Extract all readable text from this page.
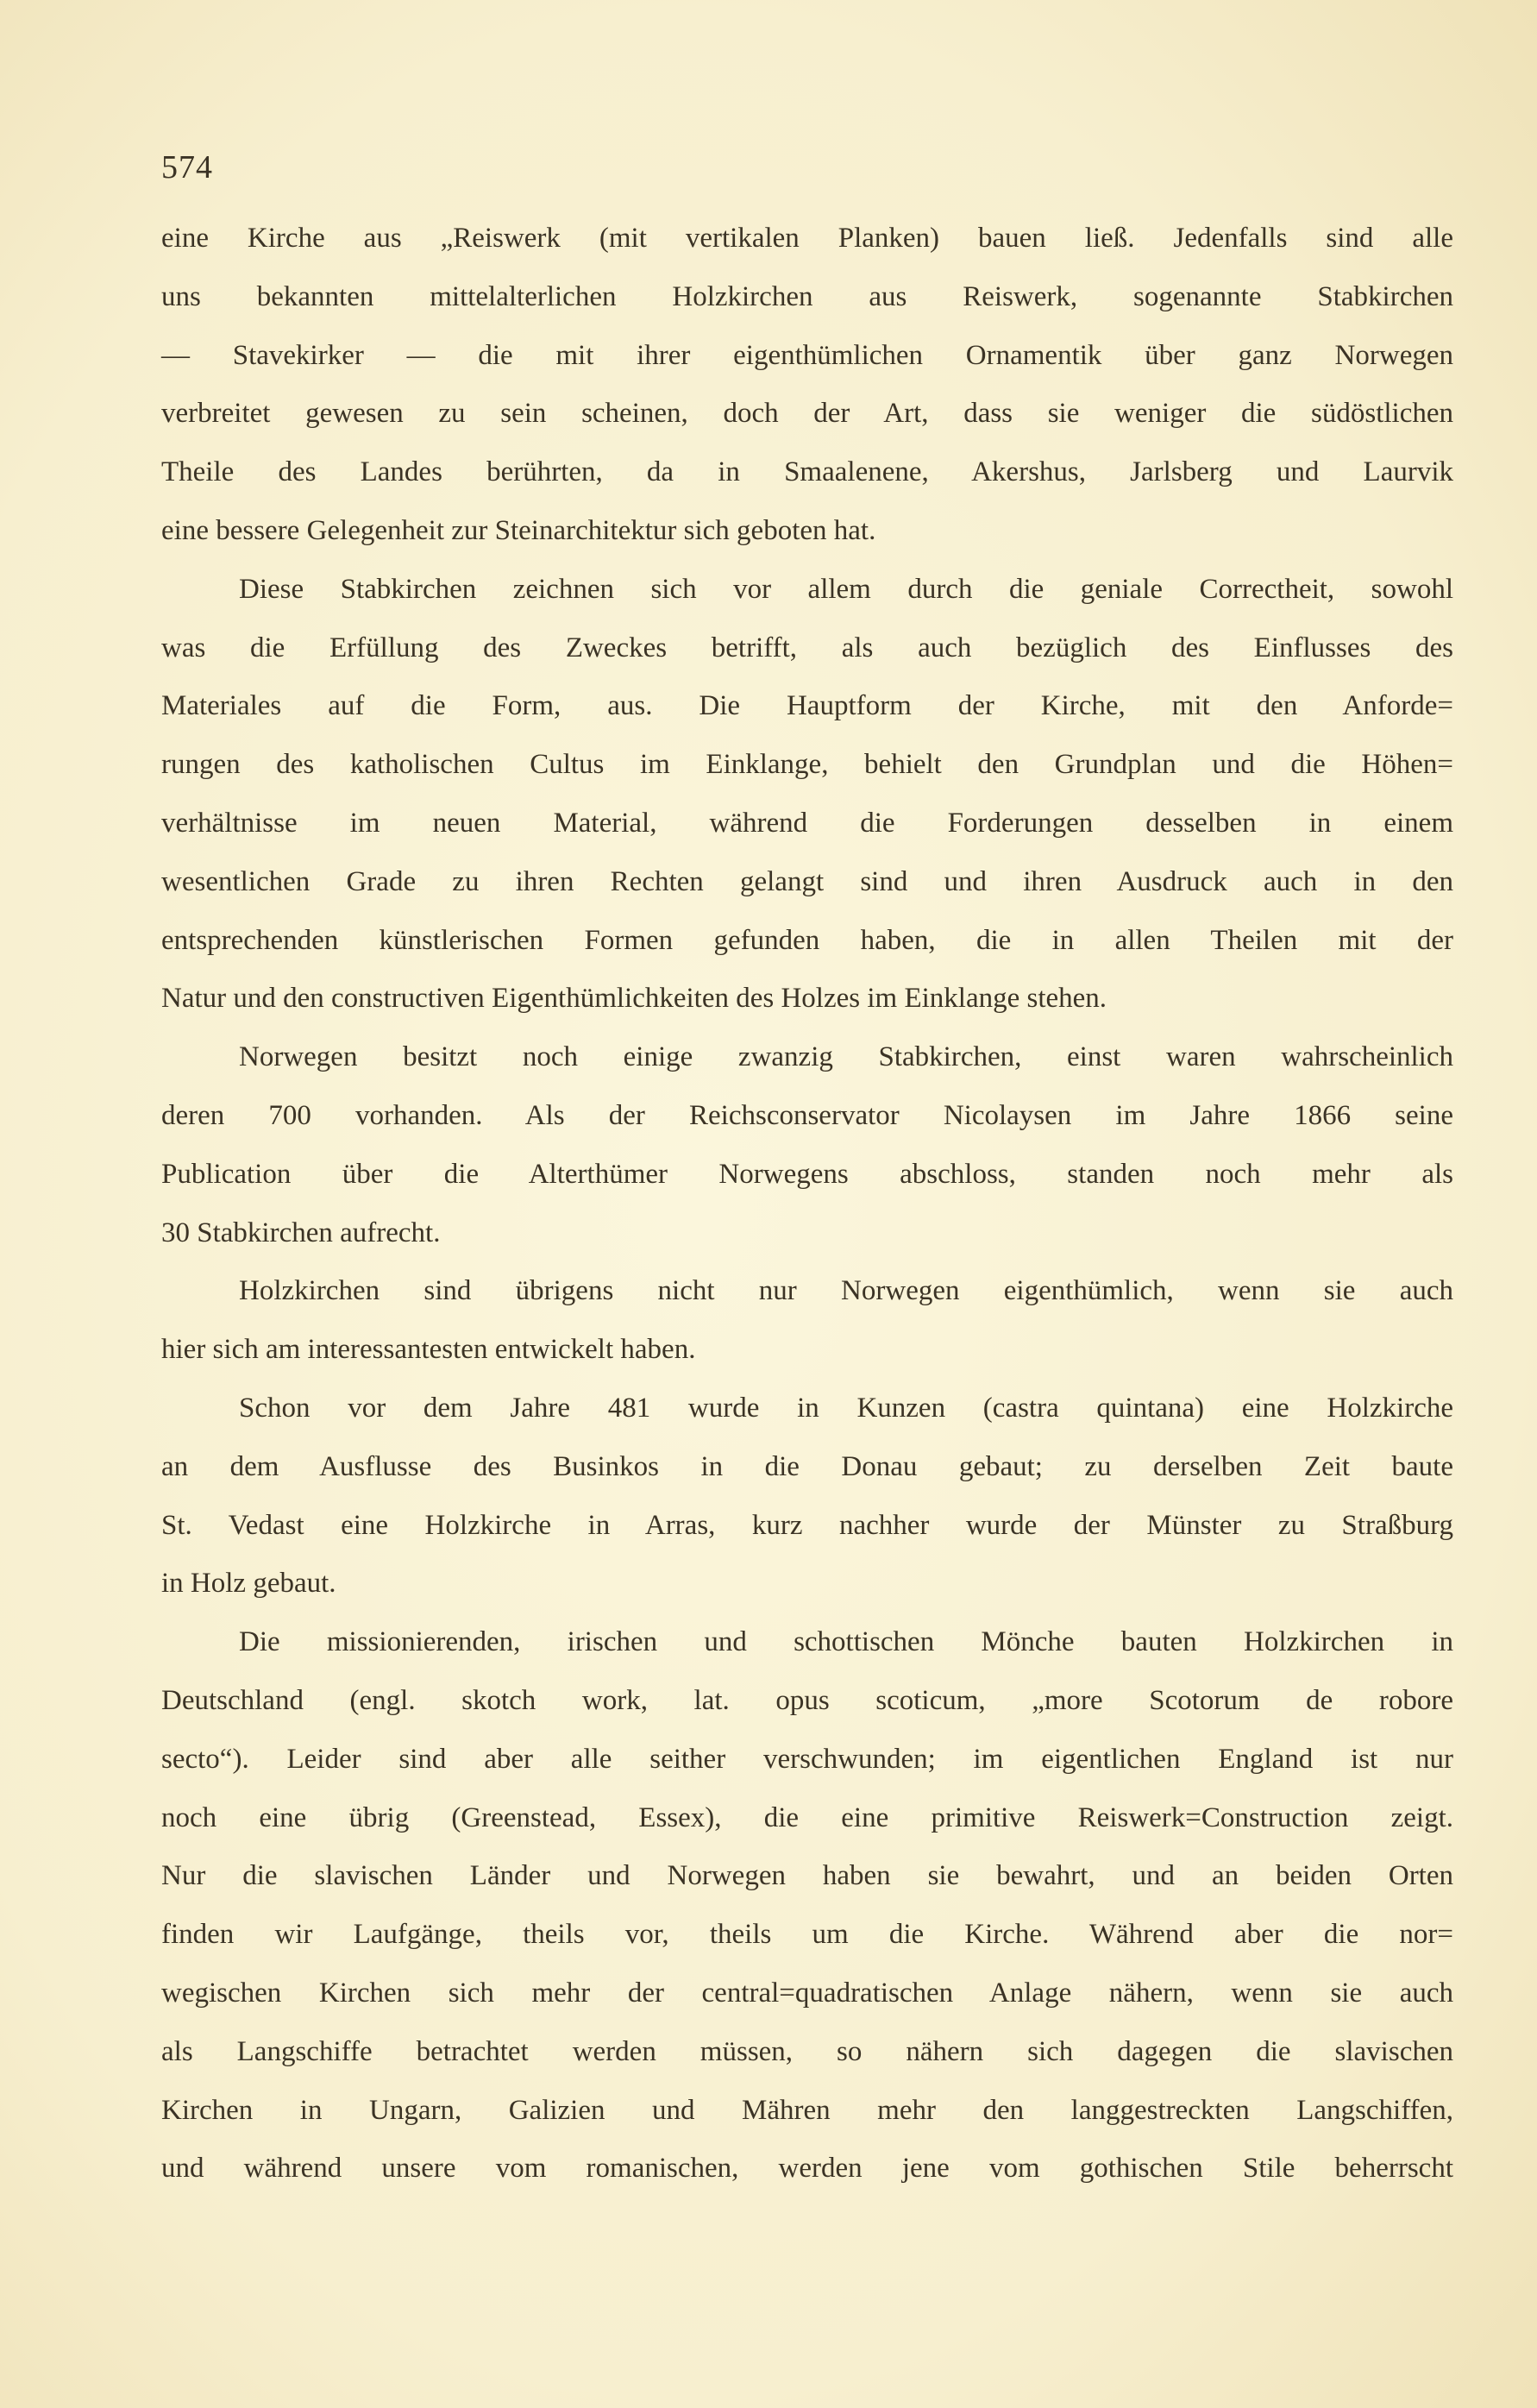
574
eine Kirche aus „Reiswerk (mit vertikalen Planken) bauen ließ. Jedenfalls sind alle
uns bekannten mittelalterlichen Holzkirchen aus Reiswerk, sogenannte Stabkirchen
— Stavekirker — die mit ihrer eigenthümlichen Ornamentik über ganz Norwegen
verbreitet gewesen zu sein scheinen, doch der Art, dass sie weniger die südöstlichen
Theile des Landes berührten, da in Smaalenene, Akershus, Jarlsberg und Laurvik
eine bessere Gelegenheit zur Steinarchitektur sich geboten hat.
Diese Stabkirchen zeichnen sich vor allem durch die geniale Correctheit, sowohl
was die Erfüllung des Zweckes betrifft, als auch bezüglich des Einflusses des
Materiales auf die Form, aus. Die Hauptform der Kirche, mit den Anforde=
rungen des katholischen Cultus im Einklange, behielt den Grundplan und die Höhen=
verhältnisse im neuen Material, während die Forderungen desselben in einem
wesentlichen Grade zu ihren Rechten gelangt sind und ihren Ausdruck auch in den
entsprechenden künstlerischen Formen gefunden haben, die in allen Theilen mit der
Natur und den constructiven Eigenthümlichkeiten des Holzes im Einklange stehen.
Norwegen besitzt noch einige zwanzig Stabkirchen, einst waren wahrscheinlich
deren 700 vorhanden. Als der Reichsconservator Nicolaysen im Jahre 1866 seine
Publication über die Alterthümer Norwegens abschloss, standen noch mehr als
30 Stabkirchen aufrecht.
Holzkirchen sind übrigens nicht nur Norwegen eigenthümlich, wenn sie auch
hier sich am interessantesten entwickelt haben.
Schon vor dem Jahre 481 wurde in Kunzen (castra quintana) eine Holzkirche
an dem Ausflusse des Businkos in die Donau gebaut; zu derselben Zeit baute
St. Vedast eine Holzkirche in Arras, kurz nachher wurde der Münster zu Straßburg
in Holz gebaut.
Die missionierenden, irischen und schottischen Mönche bauten Holzkirchen in
Deutschland (engl. skotch work, lat. opus scoticum, „more Scotorum de robore
secto“). Leider sind aber alle seither verschwunden; im eigentlichen England ist nur
noch eine übrig (Greenstead, Essex), die eine primitive Reiswerk=Construction zeigt.
Nur die slavischen Länder und Norwegen haben sie bewahrt, und an beiden Orten
finden wir Laufgänge, theils vor, theils um die Kirche. Während aber die nor=
wegischen Kirchen sich mehr der central=quadratischen Anlage nähern, wenn sie auch
als Langschiffe betrachtet werden müssen, so nähern sich dagegen die slavischen
Kirchen in Ungarn, Galizien und Mähren mehr den langgestreckten Langschiffen,
und während unsere vom romanischen, werden jene vom gothischen Stile beherrscht
